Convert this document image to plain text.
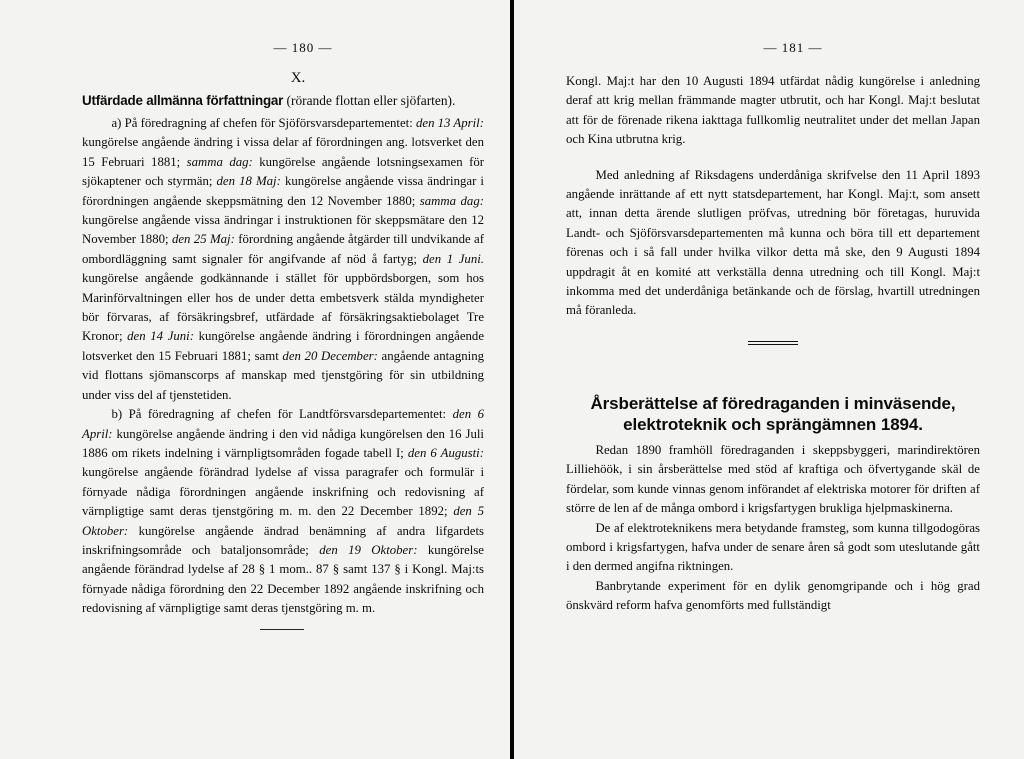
— 180 —
X.
Utfärdade allmänna författningar (rörande flottan eller sjöfarten).

a) På föredragning af chefen för Sjöförsvarsdepartementet: den 13 April: kungörelse angående ändring i vissa delar af förordningen ang. lotsverket den 15 Februari 1881; samma dag: kungörelse angående lotsningsexamen för sjökaptener och styrmän; den 18 Maj: kungörelse angående vissa ändringar i förordningen angående skeppsmätning den 12 November 1880; samma dag: kungörelse angående vissa ändringar i instruktionen för skeppsmätare den 12 November 1880; den 25 Maj: förordning angående åtgärder till undvikande af ombordläggning samt signaler för angifvande af nöd å fartyg; den 1 Juni. kungörelse angående godkännande i stället för uppbördsborgen, som hos Marinförvaltningen eller hos de under detta embetsverk stälda myndigheter bör förvaras, af försäkringsbref, utfärdade af försäkringsaktiebolaget Tre Kronor; den 14 Juni: kungörelse angående ändring i förordningen angående lotsverket den 15 Februari 1881; samt den 20 December: angående antagning vid flottans sjömanscorps af manskap med tjenstgöring för sin utbildning under viss del af tjenstetiden.

b) På föredragning af chefen för Landtförsvarsdepartementet: den 6 April: kungörelse angående ändring i den vid nådiga kungörelsen den 16 Juli 1886 om rikets indelning i värnpligtsområden fogade tabell I; den 6 Augusti: kungörelse angående förändrad lydelse af vissa paragrafer och formulär i förnyade nådiga förordningen angående inskrifning och redovisning af värnpligtige samt deras tjenstgöring m. m. den 22 December 1892; den 5 Oktober: kungörelse angående ändrad benämning af andra lifgardets inskrifningsområde och bataljonsområde; den 19 Oktober: kungörelse angående förändrad lydelse af 28 § 1 mom.. 87 § samt 137 § i Kongl. Maj:ts förnyade nådiga förordning den 22 December 1892 angående inskrifning och redovisning af värnpligtige samt deras tjenstgöring m. m.

— 181 —

Kongl. Maj:t har den 10 Augusti 1894 utfärdat nådig kungörelse i anledning deraf att krig mellan främmande magter utbrutit, och har Kongl. Maj:t beslutat att för de förenade rikena iakttaga fullkomlig neutralitet under det mellan Japan och Kina utbrutna krig.

Med anledning af Riksdagens underdåniga skrifvelse den 11 April 1893 angående inrättande af ett nytt statsdepartement, har Kongl. Maj:t, som ansett att, innan detta ärende slutligen pröfvas, utredning bör företagas, huruvida Landt- och Sjöförsvarsdepartementen må kunna och böra till ett departement förenas och i så fall under hvilka vilkor detta må ske, den 9 Augusti 1894 uppdragit åt en komité att verkställa denna utredning och till Kongl. Maj:t inkomma med det underdåniga betänkande och de förslag, hvartill utredningen må föranleda.

Årsberättelse af föredraganden i minväsende,
elektroteknik och sprängämnen 1894.

Redan 1890 framhöll föredraganden i skeppsbyggeri, marindirektören Lilliehöök, i sin årsberättelse med stöd af kraftiga och öfvertygande skäl de fördelar, som kunde vinnas genom införandet af elektriska motorer för driften af större de len af de många ombord i krigsfartygen brukliga hjelpmaskinerna.

De af elektroteknikens mera betydande framsteg, som kunna tillgodogöras ombord i krigsfartygen, hafva under de senare åren så godt som uteslutande gått i den dermed angifna riktningen.

Banbrytande experiment för en dylik genomgripande och i hög grad önskvärd reform hafva genomförts med fullständigt
